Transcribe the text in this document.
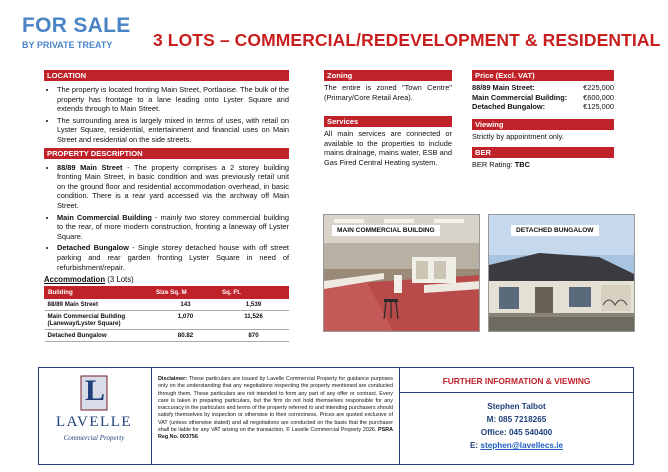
FOR SALE
BY PRIVATE TREATY	3 LOTS – COMMERCIAL/REDEVELOPMENT & RESIDENTIAL
LOCATION
• The property is located fronting Main Street, Portlaoise. The bulk of the property has frontage to a lane leading onto Lyster Square and extends through to Main Street.
• The surrounding area is largely mixed in terms of uses, with retail on Lyster Square, residential, entertainment and financial uses on Main Street and residential on the side streets.
PROPERTY DESCRIPTION
• 88/89 Main Street - The property comprises a 2 storey building fronting Main Street, in basic condition and was previously retail unit on the ground floor and residential accommodation overhead, in basic condition. There is a rear yard accessed via the archway off Main Street.
• Main Commercial Building - mainly two storey commercial building to the rear, of more modern construction, fronting a laneway off Lyster Square.
• Detached Bungalow - Single storey detached house with off street parking and rear garden fronting Lyster Square in need of refurbishment/repair.
Accommodation (3 Lots)
Building	Size Sq. M	Sq. Ft.
88/89 Main Street	143	1,539
Main Commercial Building (Laneway/Lyster Square)	1,070	11,526
Detached Bungalow	80.82	870
Zoning
The entire is zoned "Town Centre" (Primary/Core Retail Area).
Services
All main services are connected or available to the properties to include mains drainage, mains water, ESB and Gas Fired Central Heating system.
Price (Excl. VAT)
88/89 Main Street:	€225,000
Main Commercial Building: €600,000
Detached Bungalow:	€125,000
Viewing
Strictly by appointment only.
BER
BER Rating: TBC
MAIN COMMERCIAL BUILDING	DETACHED BUNGALOW
L
LAVELLE
Commercial Property
Disclaimer: These particulars are issued by Lavelle Commercial Property for guidance purposes only on the understanding that any negotiations respecting the property mentioned are conducted through them. These particulars are not intended to form any part of any offer or contract. Every care is taken in preparing particulars, but the firm do not hold themselves responsible for any inaccuracy in the particulars and terms of the property referred to and intending purchasers should satisfy themselves by inspection or otherwise to their correctness. Prices are quoted exclusive of VAT (unless otherwise stated) and all negotiations are conducted on the basis that the purchaser shall be liable for any VAT arising on the transaction. © Lavelle Commercial Property 2026. PSRA Reg No. 003756
FURTHER INFORMATION & VIEWING
Stephen Talbot
M: 085 7218265
Office: 045 540400
E: stephen@lavellecs.ie
